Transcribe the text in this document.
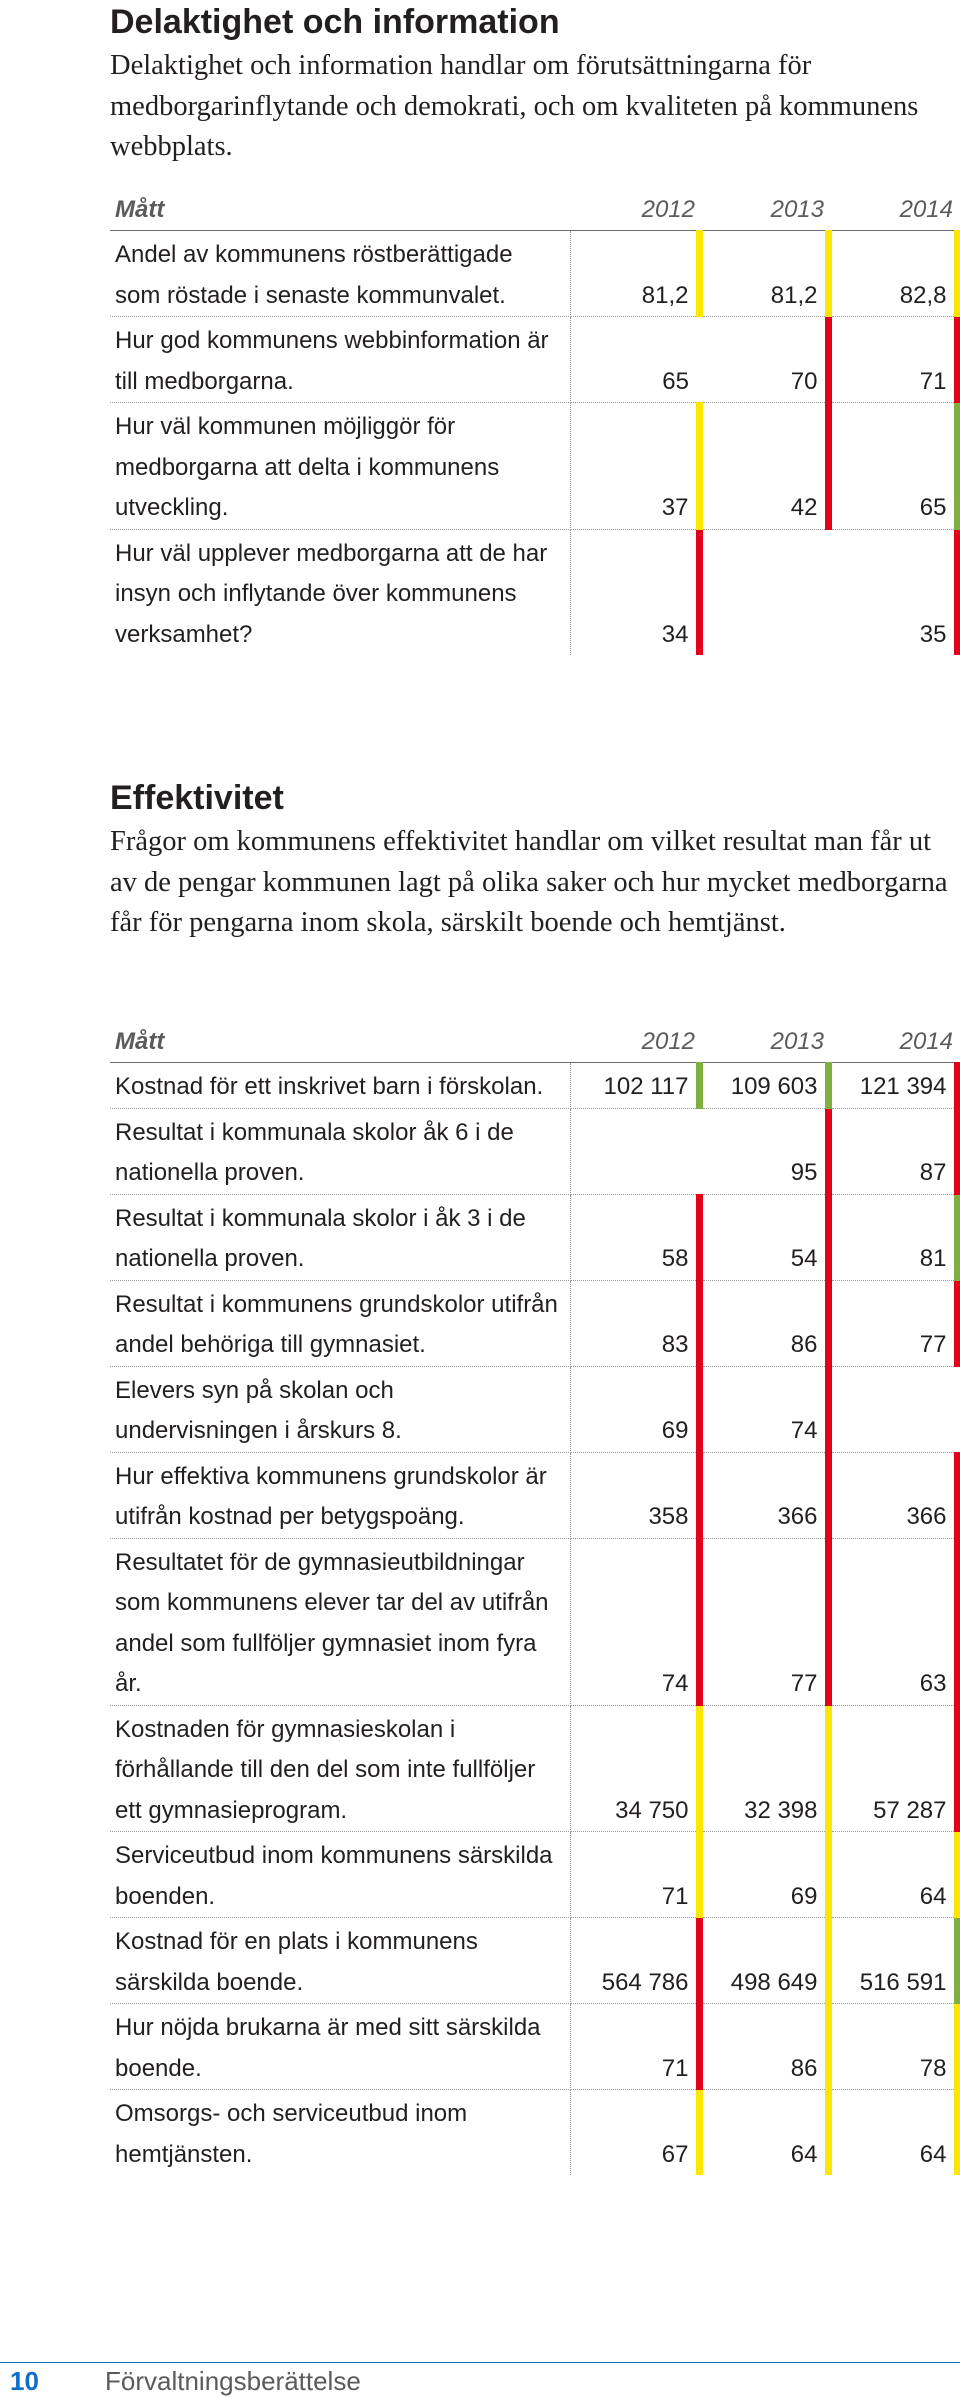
Delaktighet och information

Delaktighet och information handlar om förutsättningarna för medborgarinflytande och demokrati, och om kvaliteten på kommunens webbplats.

Mått	2012	2013	2014
Andel av kommunens röstberättigade som röstade i senaste kommunvalet.	81,2	81,2	82,8
Hur god kommunens webbinformation är till medborgarna.	65	70	71
Hur väl kommunen möjliggör för medborgarna att delta i kommunens utveckling.	37	42	65
Hur väl upplever medborgarna att de har insyn och inflytande över kommunens verksamhet?	34		35
Effektivitet

Frågor om kommunens effektivitet handlar om vilket resultat man får ut av de pengar kommunen lagt på olika saker och hur mycket medborgarna får för pengarna inom skola, särskilt boende och hemtjänst.

Mått	2012	2013	2014
Kostnad för ett inskrivet barn i förskolan.	102 117	109 603	121 394
Resultat i kommunala skolor åk 6 i de nationella proven.		95	87
Resultat i kommunala skolor i åk 3 i de nationella proven.	58	54	81
Resultat i kommunens grundskolor utifrån andel behöriga till gymnasiet.	83	86	77
Elevers syn på skolan och undervisningen i årskurs 8.	69	74	
Hur effektiva kommunens grundskolor är utifrån kostnad per betygspoäng.	358	366	366
Resultatet för de gymnasieutbildningar som kommunens elever tar del av utifrån andel som fullföljer gymnasiet inom fyra år.	74	77	63
Kostnaden för gymnasieskolan i förhållande till den del som inte fullföljer ett gymnasieprogram.	34 750	32 398	57 287
Serviceutbud inom kommunens särskilda boenden.	71	69	64
Kostnad för en plats i kommunens särskilda boende.	564 786	498 649	516 591
Hur nöjda brukarna är med sitt särskilda boende.	71	86	78
Omsorgs- och serviceutbud inom hemtjänsten.	67	64	64
10	Förvaltningsberättelse
